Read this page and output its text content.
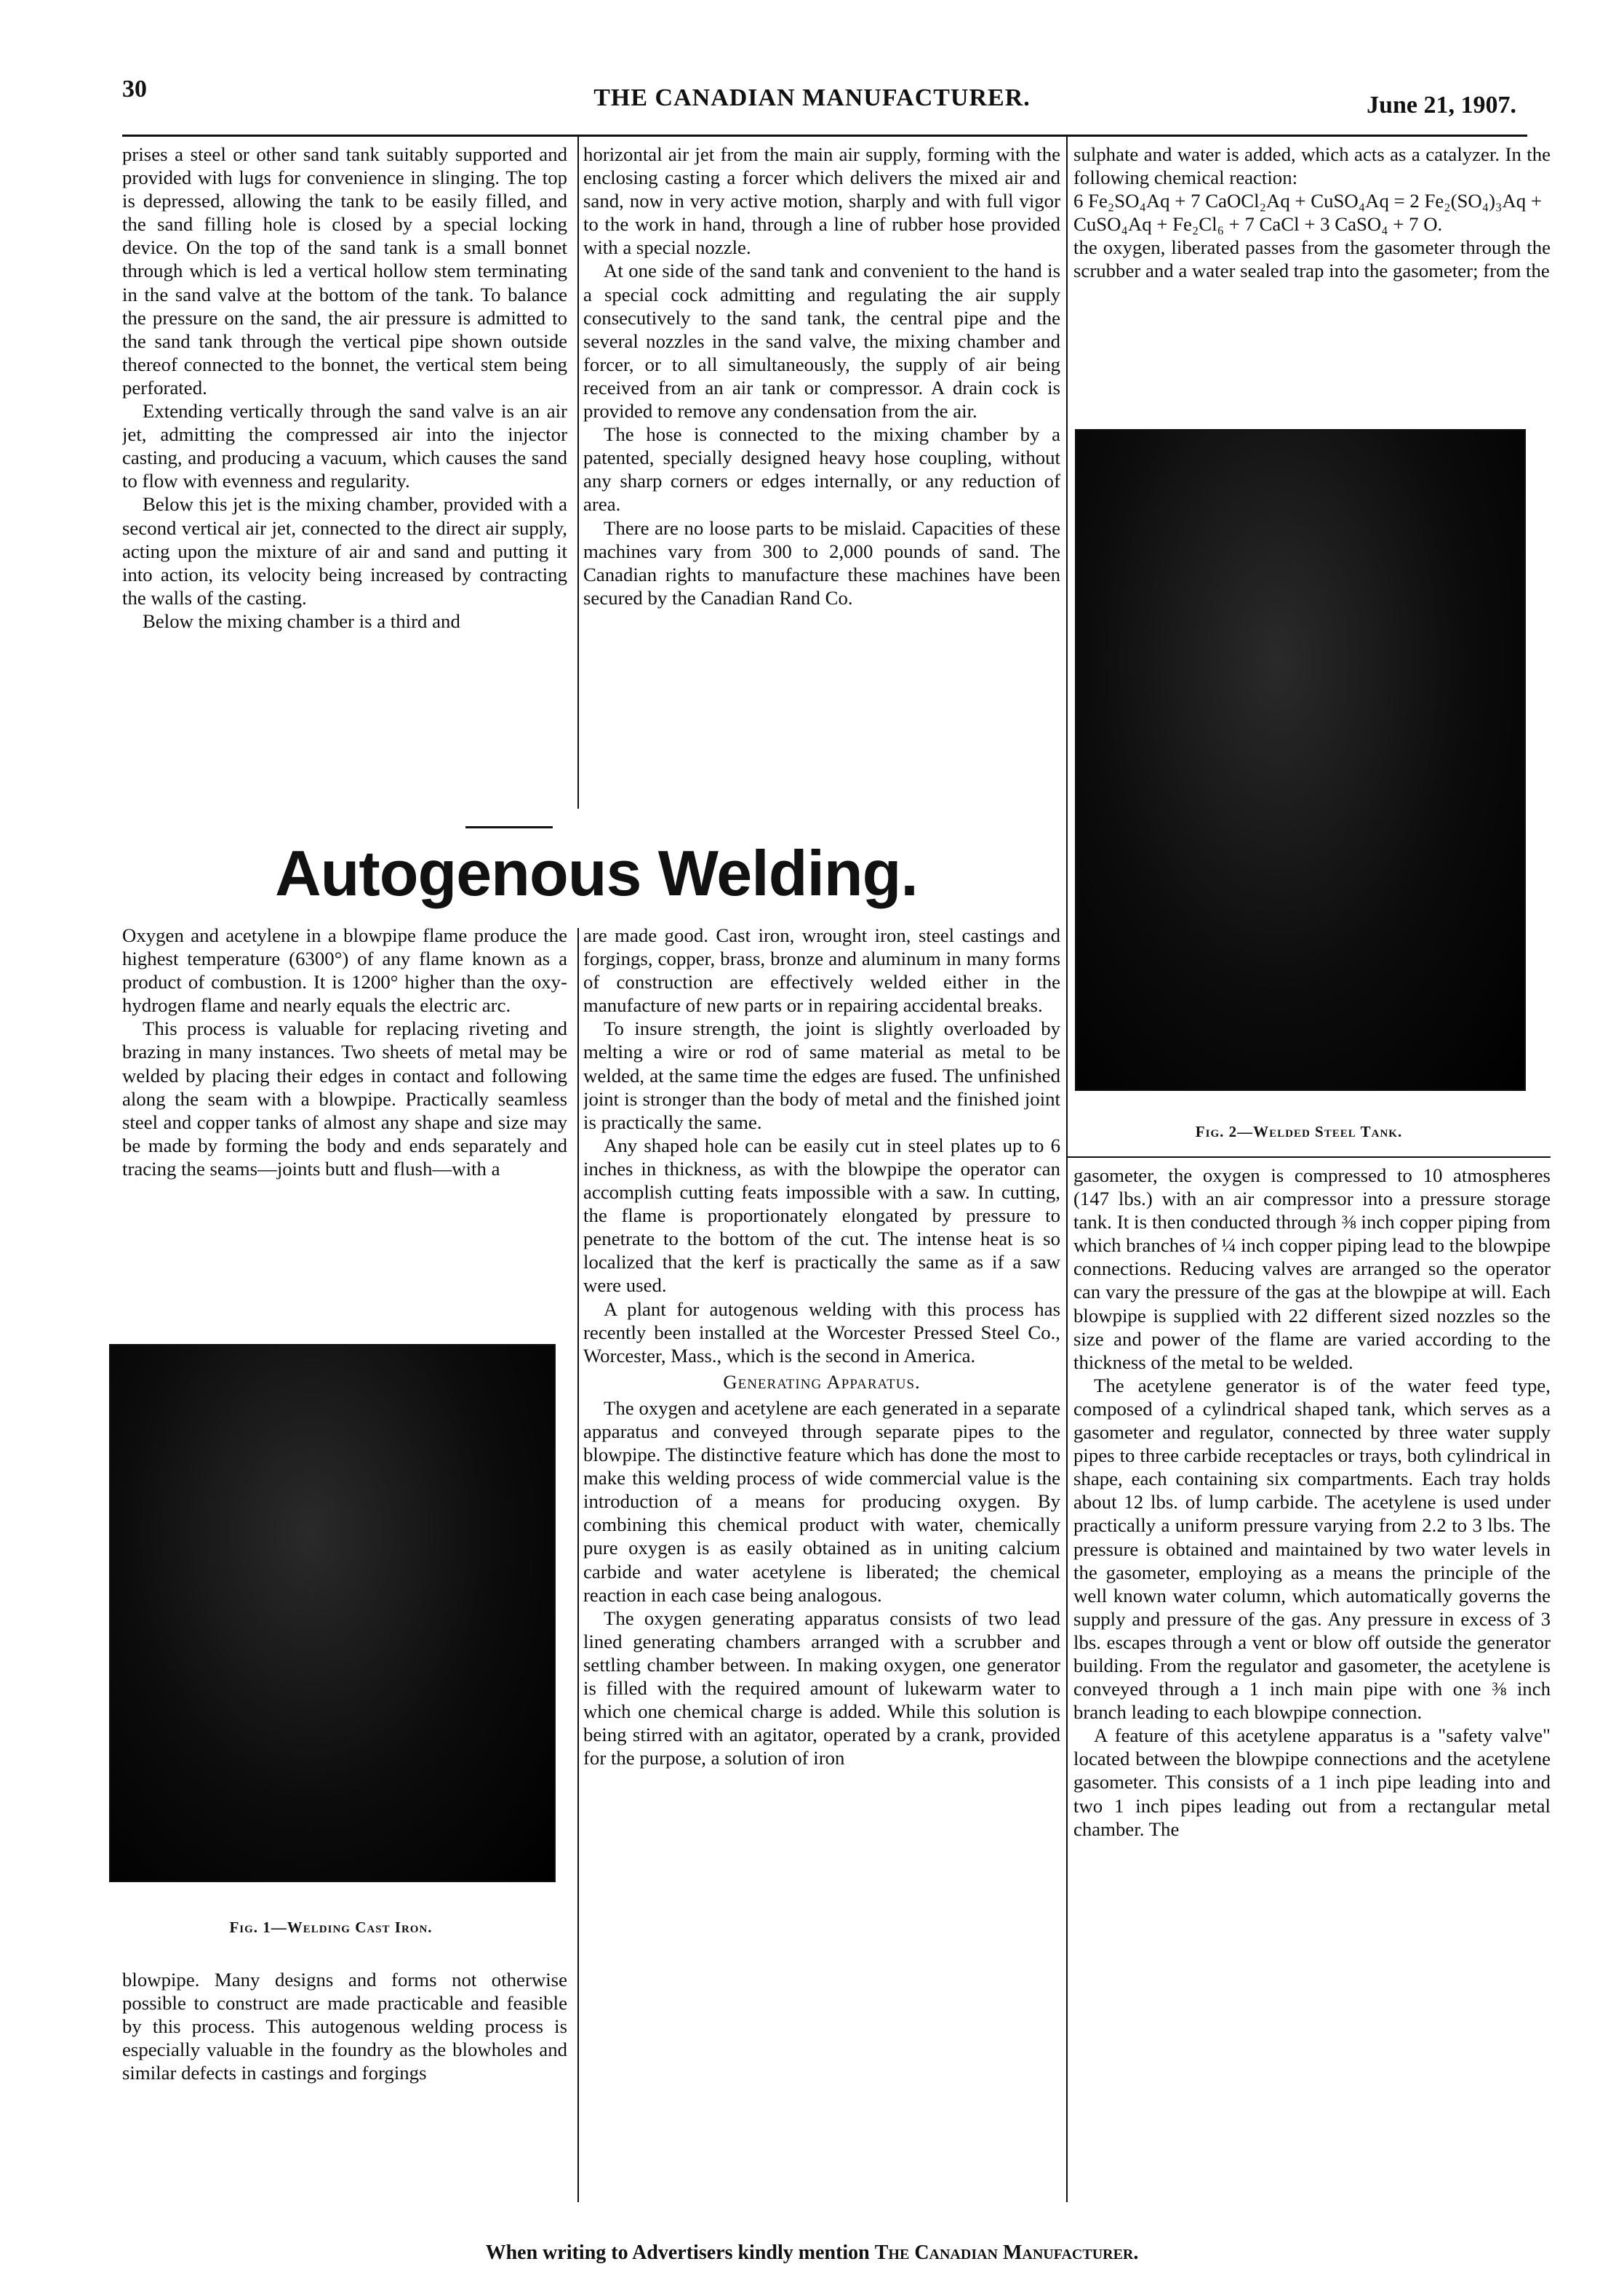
30	THE CANADIAN MANUFACTURER.	June 21, 1907.

prises a steel or other sand tank suitably supported and provided with lugs for convenience in slinging. The top is depressed, allowing the tank to be easily filled, and the sand filling hole is closed by a special locking device. On the top of the sand tank is a small bonnet through which is led a vertical hollow stem terminating in the sand valve at the bottom of the tank. To balance the pressure on the sand, the air pressure is admitted to the sand tank through the vertical pipe shown outside thereof connected to the bonnet, the vertical stem being perforated.

Extending vertically through the sand valve is an air jet, admitting the compressed air into the injector casting, and producing a vacuum, which causes the sand to flow with evenness and regularity.

Below this jet is the mixing chamber, provided with a second vertical air jet, connected to the direct air supply, acting upon the mixture of air and sand and putting it into action, its velocity being increased by contracting the walls of the casting.

Below the mixing chamber is a third and

horizontal air jet from the main air supply, forming with the enclosing casting a forcer which delivers the mixed air and sand, now in very active motion, sharply and with full vigor to the work in hand, through a line of rubber hose provided with a special nozzle.

At one side of the sand tank and convenient to the hand is a special cock admitting and regulating the air supply consecutively to the sand tank, the central pipe and the several nozzles in the sand valve, the mixing chamber and forcer, or to all simultaneously, the supply of air being received from an air tank or compressor. A drain cock is provided to remove any condensation from the air.

The hose is connected to the mixing chamber by a patented, specially designed heavy hose coupling, without any sharp corners or edges internally, or any reduction of area.

There are no loose parts to be mislaid. Capacities of these machines vary from 300 to 2,000 pounds of sand. The Canadian rights to manufacture these machines have been secured by the Canadian Rand Co.

sulphate and water is added, which acts as a catalyzer. In the following chemical reaction:

6 Fe₂SO₄Aq + 7 CaOCl₂Aq + CuSO₄Aq = 2 Fe₂(SO₄)₃Aq + CuSO₄Aq + Fe₂Cl₆ + 7 CaCl + 3 CaSO₄ + 7 O.

the oxygen, liberated passes from the gasometer through the scrubber and a water sealed trap into the gasometer; from the

Fig. 2—Welded Steel Tank.

gasometer, the oxygen is compressed to 10 atmospheres (147 lbs.) with an air compressor into a pressure storage tank. It is then conducted through ⅜ inch copper piping from which branches of ¼ inch copper piping lead to the blowpipe connections. Reducing valves are arranged so the operator can vary the pressure of the gas at the blowpipe at will. Each blowpipe is supplied with 22 different sized nozzles so the size and power of the flame are varied according to the thickness of the metal to be welded.

The acetylene generator is of the water feed type, composed of a cylindrical shaped tank, which serves as a gasometer and regulator, connected by three water supply pipes to three carbide receptacles or trays, both cylindrical in shape, each containing six compartments. Each tray holds about 12 lbs. of lump carbide. The acetylene is used under practically a uniform pressure varying from 2.2 to 3 lbs. The pressure is obtained and maintained by two water levels in the gasometer, employing as a means the principle of the well known water column, which automatically governs the supply and pressure of the gas. Any pressure in excess of 3 lbs. escapes through a vent or blow off outside the generator building. From the regulator and gasometer, the acetylene is conveyed through a 1 inch main pipe with one ⅜ inch branch leading to each blowpipe connection.

A feature of this acetylene apparatus is a "safety valve" located between the blowpipe connections and the acetylene gasometer. This consists of a 1 inch pipe leading into and two 1 inch pipes leading out from a rectangular metal chamber. The

Autogenous Welding.

Oxygen and acetylene in a blowpipe flame produce the highest temperature (6300°) of any flame known as a product of combustion. It is 1200° higher than the oxy-hydrogen flame and nearly equals the electric arc.

This process is valuable for replacing riveting and brazing in many instances. Two sheets of metal may be welded by placing their edges in contact and following along the seam with a blowpipe. Practically seamless steel and copper tanks of almost any shape and size may be made by forming the body and ends separately and tracing the seams—joints butt and flush—with a

Fig. 1—Welding Cast Iron.

blowpipe. Many designs and forms not otherwise possible to construct are made practicable and feasible by this process. This autogenous welding process is especially valuable in the foundry as the blowholes and similar defects in castings and forgings

are made good. Cast iron, wrought iron, steel castings and forgings, copper, brass, bronze and aluminum in many forms of construction are effectively welded either in the manufacture of new parts or in repairing accidental breaks.

To insure strength, the joint is slightly overloaded by melting a wire or rod of same material as metal to be welded, at the same time the edges are fused. The unfinished joint is stronger than the body of metal and the finished joint is practically the same.

Any shaped hole can be easily cut in steel plates up to 6 inches in thickness, as with the blowpipe the operator can accomplish cutting feats impossible with a saw. In cutting, the flame is proportionately elongated by pressure to penetrate to the bottom of the cut. The intense heat is so localized that the kerf is practically the same as if a saw were used.

A plant for autogenous welding with this process has recently been installed at the Worcester Pressed Steel Co., Worcester, Mass., which is the second in America.

Generating Apparatus.

The oxygen and acetylene are each generated in a separate apparatus and conveyed through separate pipes to the blowpipe. The distinctive feature which has done the most to make this welding process of wide commercial value is the introduction of a means for producing oxygen. By combining this chemical product with water, chemically pure oxygen is as easily obtained as in uniting calcium carbide and water acetylene is liberated; the chemical reaction in each case being analogous.

The oxygen generating apparatus consists of two lead lined generating chambers arranged with a scrubber and settling chamber between. In making oxygen, one generator is filled with the required amount of lukewarm water to which one chemical charge is added. While this solution is being stirred with an agitator, operated by a crank, provided for the purpose, a solution of iron

When writing to Advertisers kindly mention The Canadian Manufacturer.
